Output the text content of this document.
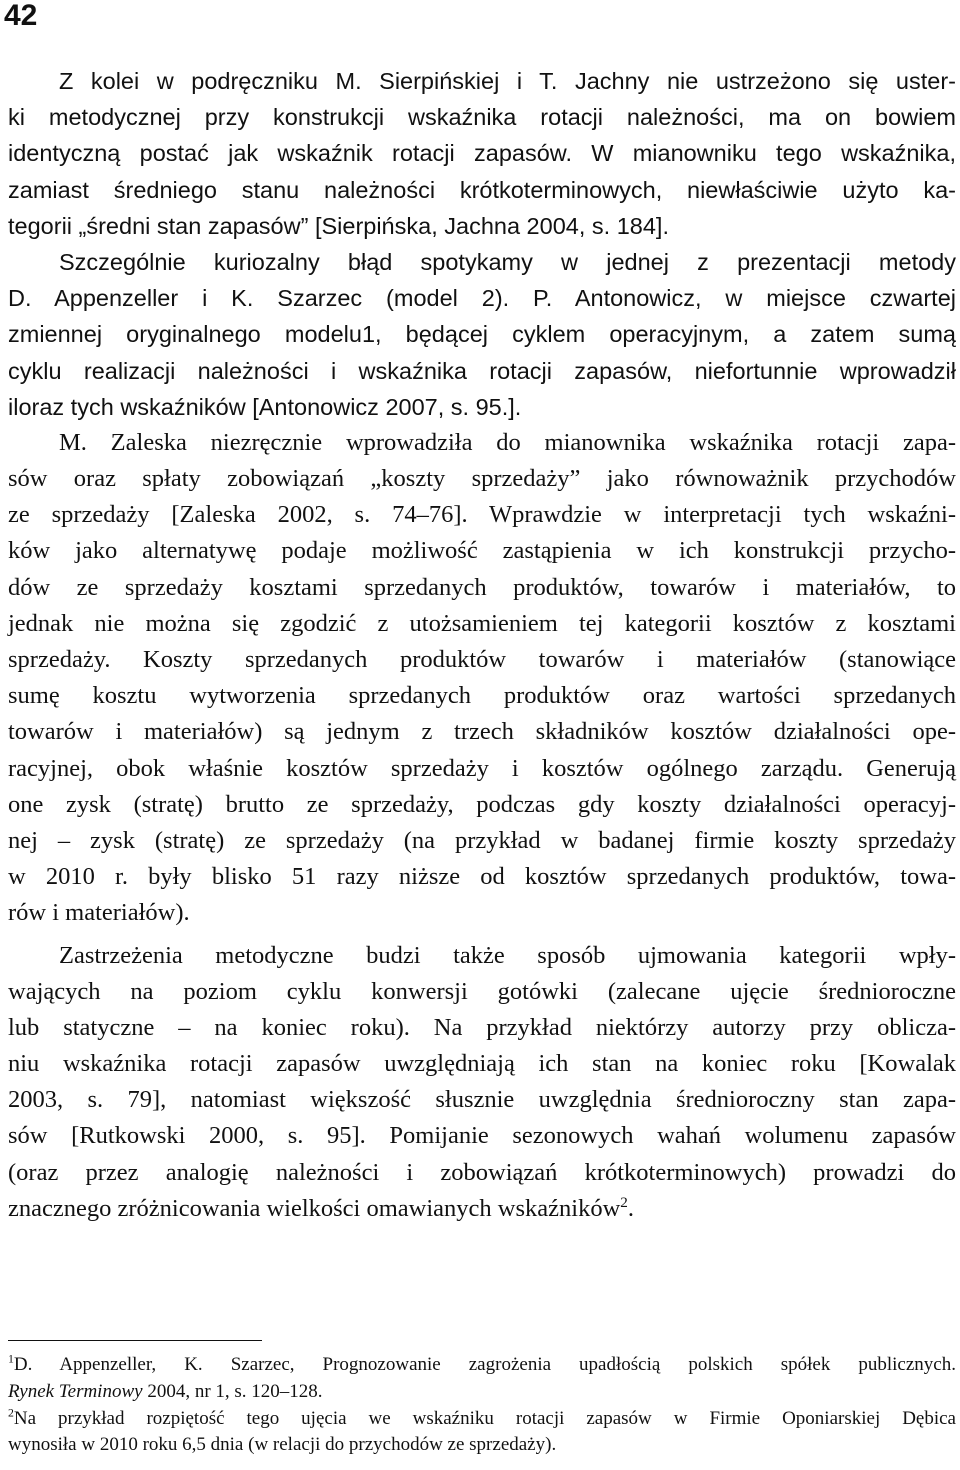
42
Z kolei w podręczniku M. Sierpińskiej i T. Jachny nie ustrzeżono się uster-
ki metodycznej przy konstrukcji wskaźnika rotacji należności, ma on bowiem
identyczną postać jak wskaźnik rotacji zapasów. W mianowniku tego wskaźnika,
zamiast średniego stanu należności krótkoterminowych, niewłaściwie użyto ka-
tegorii „średni stan zapasów” [Sierpińska, Jachna 2004, s. 184].
Szczególnie kuriozalny błąd spotykamy w jednej z prezentacji metody
D. Appenzeller i K. Szarzec (model 2). P. Antonowicz, w miejsce czwartej
zmiennej oryginalnego modelu1, będącej cyklem operacyjnym, a zatem sumą
cyklu realizacji należności i wskaźnika rotacji zapasów, niefortunnie wprowadził
iloraz tych wskaźników [Antonowicz 2007, s. 95.].
M. Zaleska niezręcznie wprowadziła do mianownika wskaźnika rotacji zapa-
sów oraz spłaty zobowiązań „koszty sprzedaży” jako równoważnik przychodów
ze sprzedaży [Zaleska 2002, s. 74–76]. Wprawdzie w interpretacji tych wskaźni-
ków jako alternatywę podaje możliwość zastąpienia w ich konstrukcji przycho-
dów ze sprzedaży kosztami sprzedanych produktów, towarów i materiałów, to
jednak nie można się zgodzić z utożsamieniem tej kategorii kosztów z kosztami
sprzedaży. Koszty sprzedanych produktów towarów i materiałów (stanowiące
sumę kosztu wytworzenia sprzedanych produktów oraz wartości sprzedanych
towarów i materiałów) są jednym z trzech składników kosztów działalności ope-
racyjnej, obok właśnie kosztów sprzedaży i kosztów ogólnego zarządu. Generują
one zysk (stratę) brutto ze sprzedaży, podczas gdy koszty działalności operacyj-
nej – zysk (stratę) ze sprzedaży (na przykład w badanej firmie koszty sprzedaży
w 2010 r. były blisko 51 razy niższe od kosztów sprzedanych produktów, towa-
rów i materiałów).
Zastrzeżenia metodyczne budzi także sposób ujmowania kategorii wpły-
wających na poziom cyklu konwersji gotówki (zalecane ujęcie średnioroczne
lub statyczne – na koniec roku). Na przykład niektórzy autorzy przy oblicza-
niu wskaźnika rotacji zapasów uwzględniają ich stan na koniec roku [Kowalak
2003, s. 79], natomiast większość słusznie uwzględnia średnioroczny stan zapa-
sów [Rutkowski 2000, s. 95]. Pomijanie sezonowych wahań wolumenu zapasów
(oraz przez analogię należności i zobowiązań krótkoterminowych) prowadzi do
znacznego zróżnicowania wielkości omawianych wskaźników$^2$.
$^1$D. Appenzeller, K. Szarzec, Prognozowanie zagrożenia upadłością polskich spółek publicznych.
Rynek Terminowy 2004, nr 1, s. 120–128.
$^2$Na przykład rozpiętość tego ujęcia we wskaźniku rotacji zapasów w Firmie Oponiarskiej Dębica
wynosiła w 2010 roku 6,5 dnia (w relacji do przychodów ze sprzedaży).
